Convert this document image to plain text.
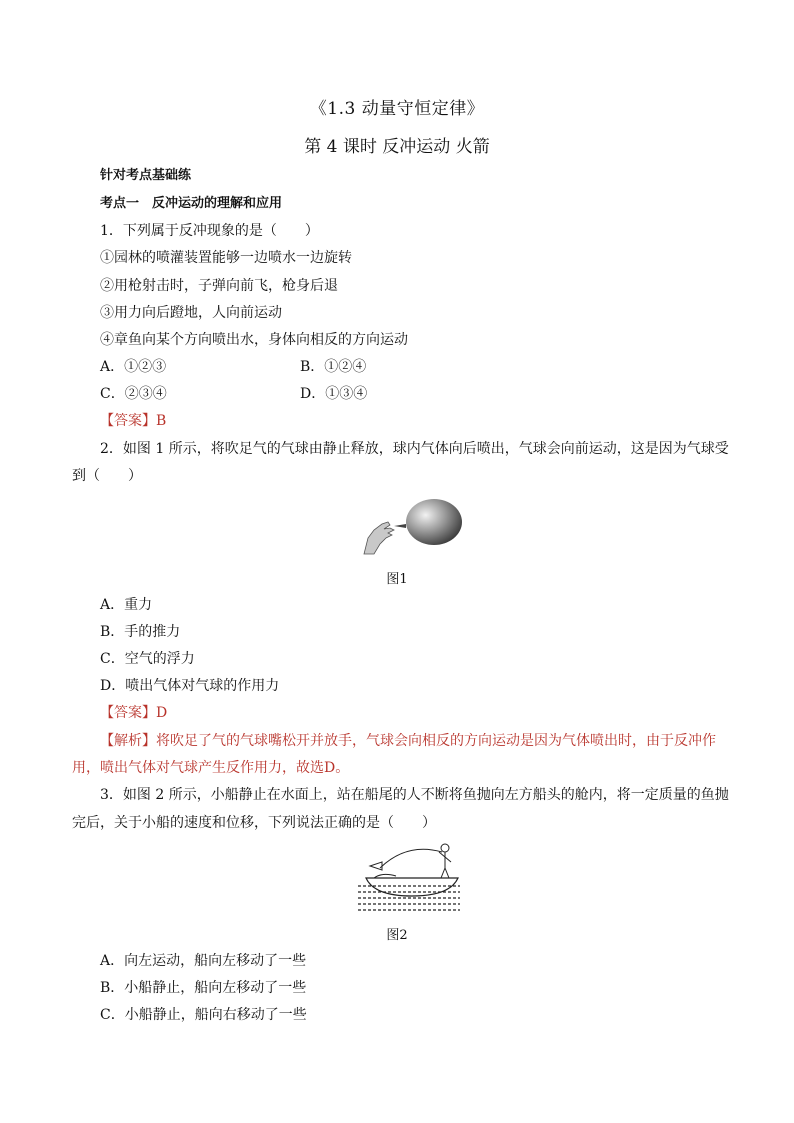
《1.3 动量守恒定律》
第 4 课时 反冲运动 火箭
针对考点基础练
考点一　反冲运动的理解和应用
1．下列属于反冲现象的是（　　）
①园林的喷灌装置能够一边喷水一边旋转
②用枪射击时，子弹向前飞，枪身后退
③用力向后蹬地，人向前运动
④章鱼向某个方向喷出水，身体向相反的方向运动
A．①②③	B．①②④
C．②③④	D．①③④
【答案】B
2．如图 1 所示，将吹足气的气球由静止释放，球内气体向后喷出，气球会向前运动，这是因为气球受
到（　　）
图1
A．重力
B．手的推力
C．空气的浮力
D．喷出气体对气球的作用力
【答案】D
【解析】将吹足了气的气球嘴松开并放手，气球会向相反的方向运动是因为气体喷出时，由于反冲作
用，喷出气体对气球产生反作用力，故选D。
3．如图 2 所示，小船静止在水面上，站在船尾的人不断将鱼抛向左方船头的舱内，将一定质量的鱼抛
完后，关于小船的速度和位移，下列说法正确的是（　　）
图2
A．向左运动，船向左移动了一些
B．小船静止，船向左移动了一些
C．小船静止，船向右移动了一些
